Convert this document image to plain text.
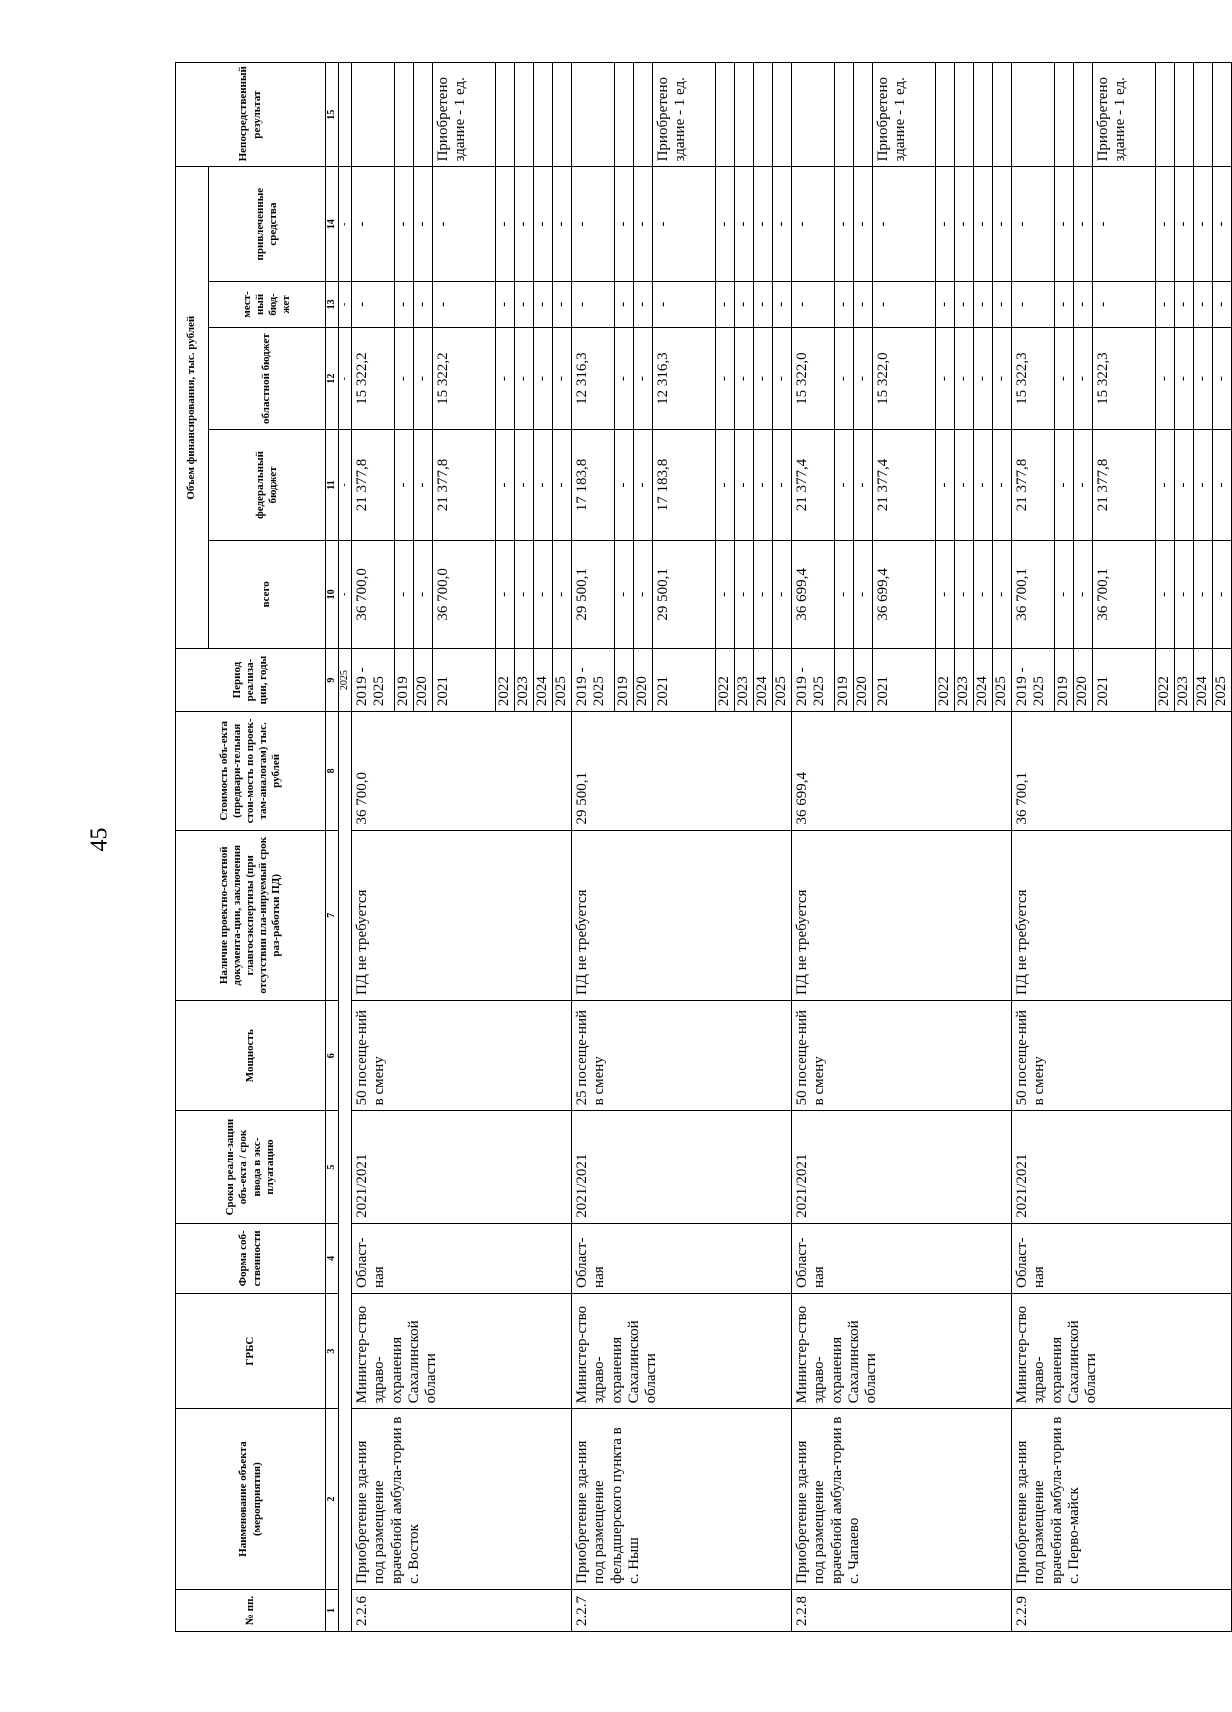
45
№ пп.	Наименование объекта (мероприятия)	ГРБС	Форма соб-ственности	Сроки реали-зации объ-екта / срок ввода в экс-плуатацию	Мощность	Наличие проектно-сметной документа-ции, заключения главгосэкспертизы (при отсутствии пла-нируемый срок раз-работки ПД)	Стоимость объ-екта (предвари-тельная стои-мость по проек-там-аналогам) тыс. рублей	Период реализа-ции, годы	Объем финансирования, тыс. рублей					Непосредственный результат
									всего	федеральный бюджет	областной бюджет	мест-ный бюд-жет	привлеченные средства	
1	2	3	4	5	6	7	8	9	10	11	12	13	14	15
								2025	-	-	-	-	-	
2.2.6	Приобретение зда-ния под размещение врачебной амбула-тории в с. Восток	Министер-ство здраво-охранения Сахалинской области	Област-ная	2021/2021	50 посеще-ний в смену	ПД не требуется	36 700,0	2019 - 2025	36 700,0	21 377,8	15 322,2	-	-	
								2019	-	-	-	-	-	
								2020	-	-	-	-	-	
								2021	36 700,0	21 377,8	15 322,2	-	-	Приобретено здание - 1 ед.
								2022	-	-	-	-	-	
								2023	-	-	-	-	-	
								2024	-	-	-	-	-	
								2025	-	-	-	-	-	
2.2.7	Приобретение зда-ния под размещение фельдшерского пункта в с. Ныш	Министер-ство здраво-охранения Сахалинской области	Област-ная	2021/2021	25 посеще-ний в смену	ПД не требуется	29 500,1	2019 - 2025	29 500,1	17 183,8	12 316,3	-	-	
								2019	-	-	-	-	-	
								2020	-	-	-	-	-	
								2021	29 500,1	17 183,8	12 316,3	-	-	Приобретено здание - 1 ед.
								2022	-	-	-	-	-	
								2023	-	-	-	-	-	
								2024	-	-	-	-	-	
								2025	-	-	-	-	-	
2.2.8	Приобретение зда-ния под размещение врачебной амбула-тории в с. Чапаево	Министер-ство здраво-охранения Сахалинской области	Област-ная	2021/2021	50 посеще-ний в смену	ПД не требуется	36 699,4	2019 - 2025	36 699,4	21 377,4	15 322,0	-	-	
								2019	-	-	-	-	-	
								2020	-	-	-	-	-	
								2021	36 699,4	21 377,4	15 322,0	-	-	Приобретено здание - 1 ед.
								2022	-	-	-	-	-	
								2023	-	-	-	-	-	
								2024	-	-	-	-	-	
								2025	-	-	-	-	-	
2.2.9	Приобретение зда-ния под размещение врачебной амбула-тории в с. Перво-майск	Министер-ство здраво-охранения Сахалинской области	Област-ная	2021/2021	50 посеще-ний в смену	ПД не требуется	36 700,1	2019 - 2025	36 700,1	21 377,8	15 322,3	-	-	
								2019	-	-	-	-	-	
								2020	-	-	-	-	-	
								2021	36 700,1	21 377,8	15 322,3	-	-	Приобретено здание - 1 ед.
								2022	-	-	-	-	-	
								2023	-	-	-	-	-	
								2024	-	-	-	-	-	
								2025	-	-	-	-	-	
